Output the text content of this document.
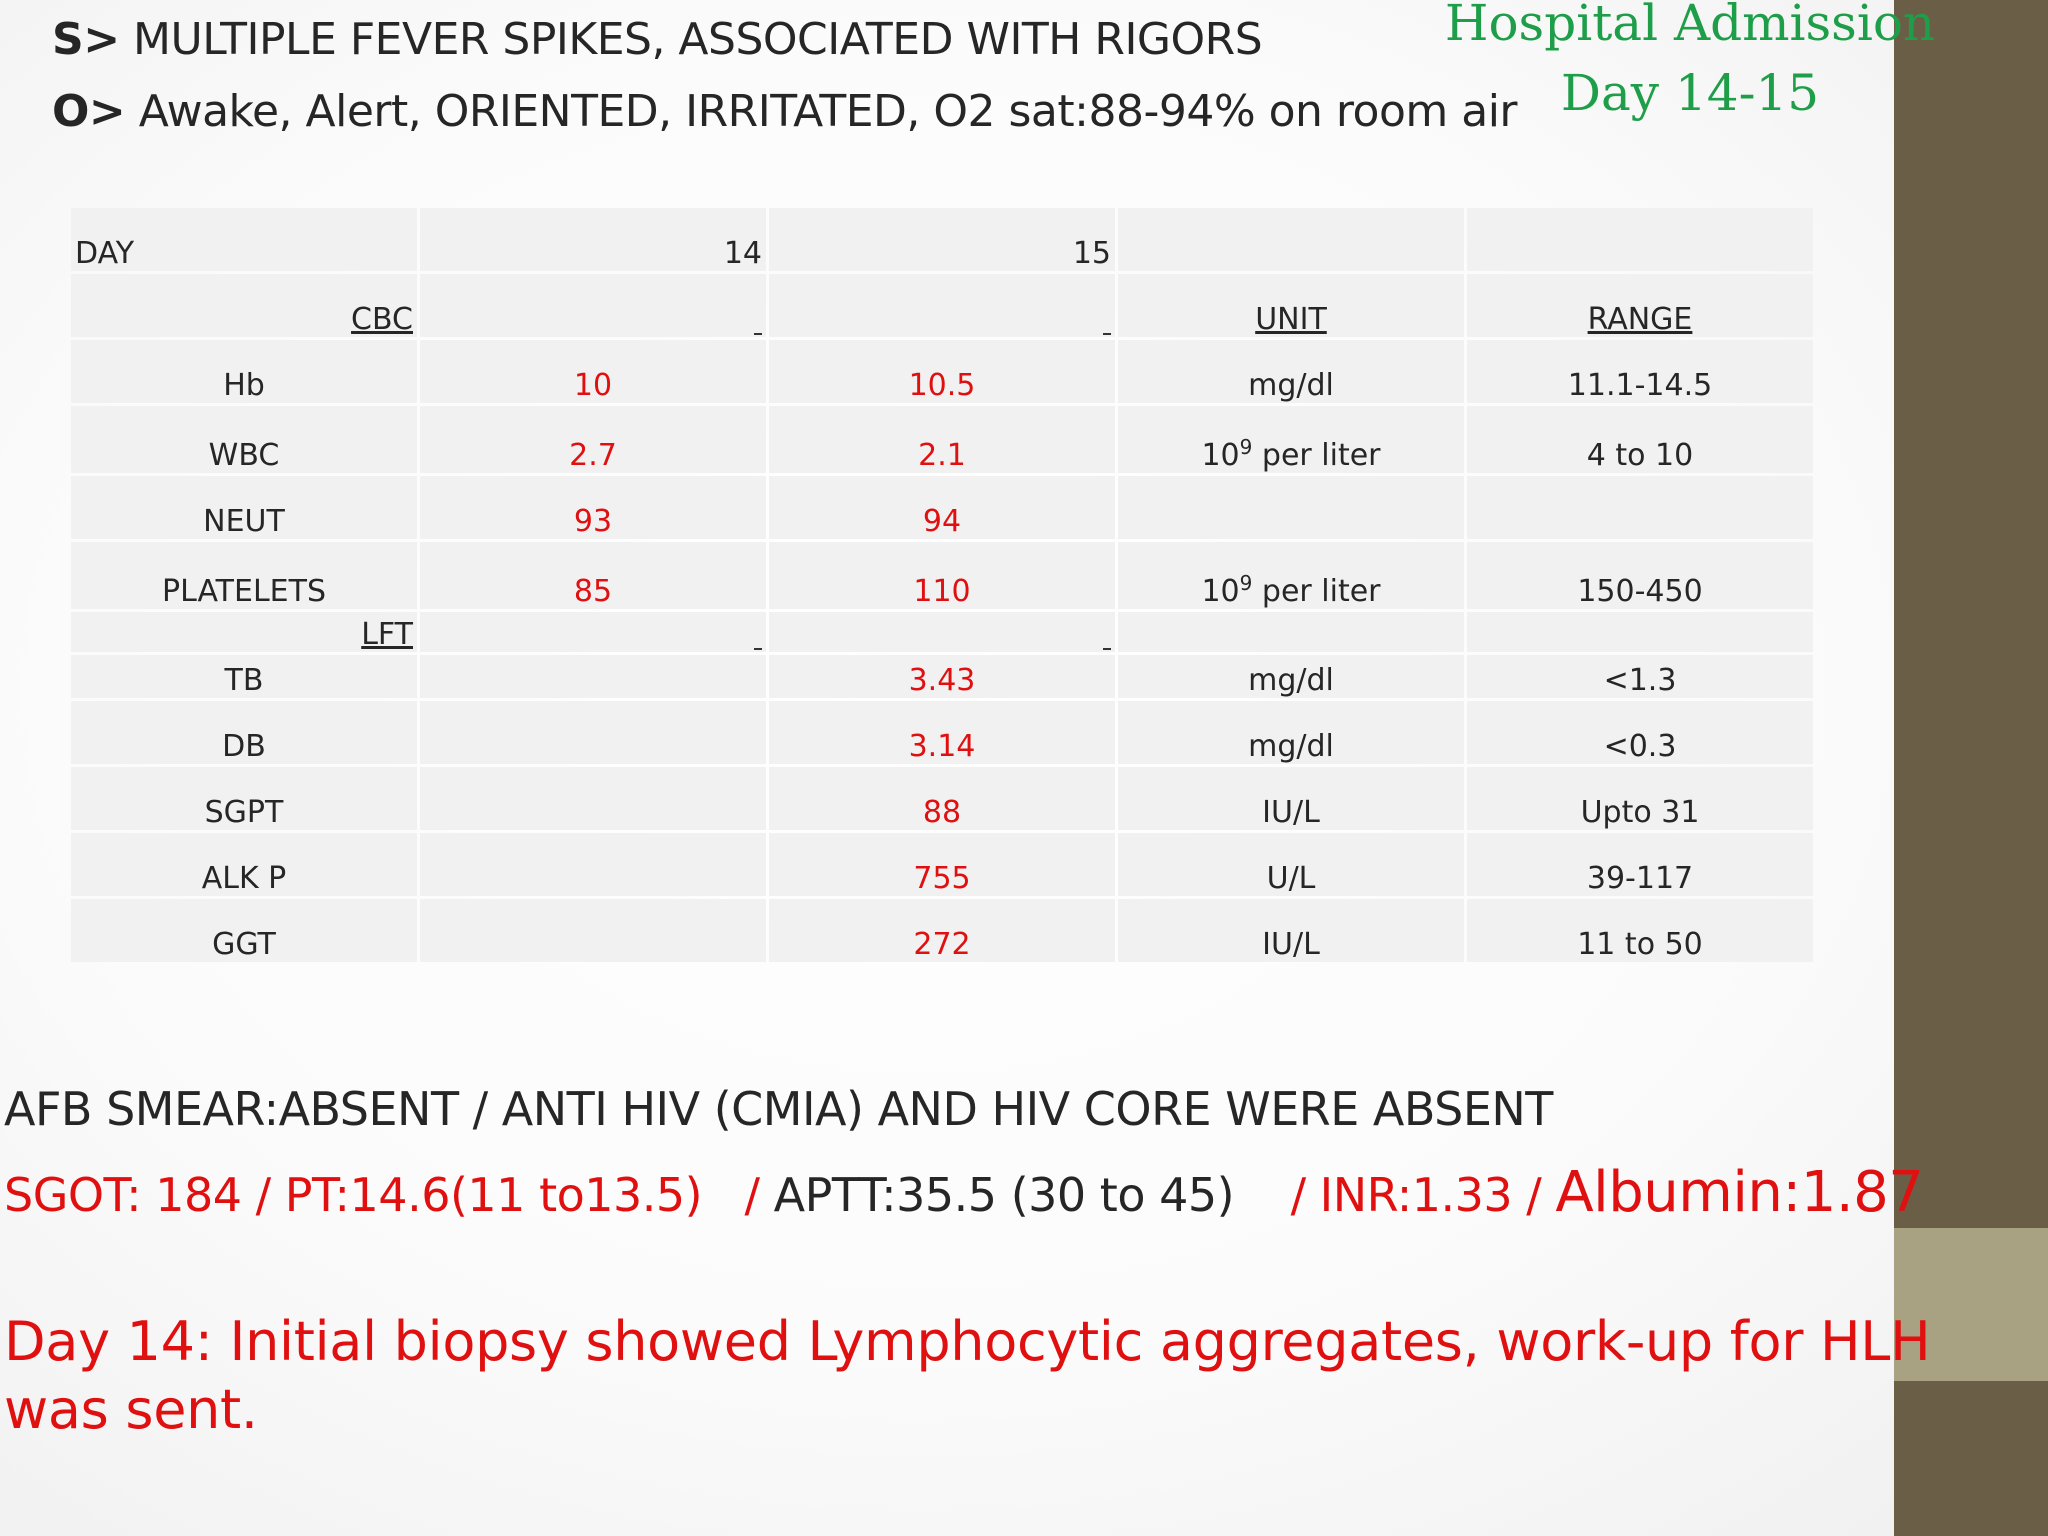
S> MULTIPLE FEVER SPIKES, ASSOCIATED WITH RIGORS
O> Awake, Alert, ORIENTED, IRRITATED, O2 sat:88-94% on room air
Hospital Admission
Day 14-15
DAY	14	15		
CBC			UNIT	RANGE
Hb	10	10.5	mg/dl	11.1-14.5
WBC	2.7	2.1	$10^9$ per liter	4 to 10
NEUT	93	94		
PLATELETS	85	110	$10^9$ per liter	150-450
LFT				
TB		3.43	mg/dl	<1.3
DB		3.14	mg/dl	<0.3
SGPT		88	IU/L	Upto 31
ALK P		755	U/L	39-117
GGT		272	IU/L	11 to 50
AFB SMEAR:ABSENT / ANTI HIV (CMIA) AND HIV CORE WERE ABSENT
SGOT: 184 / PT:14.6(11 to13.5)   / APTT:35.5 (30 to 45)    / INR:1.33 / Albumin:1.87
Day 14: Initial biopsy showed Lymphocytic aggregates, work-up for HLH was sent.
